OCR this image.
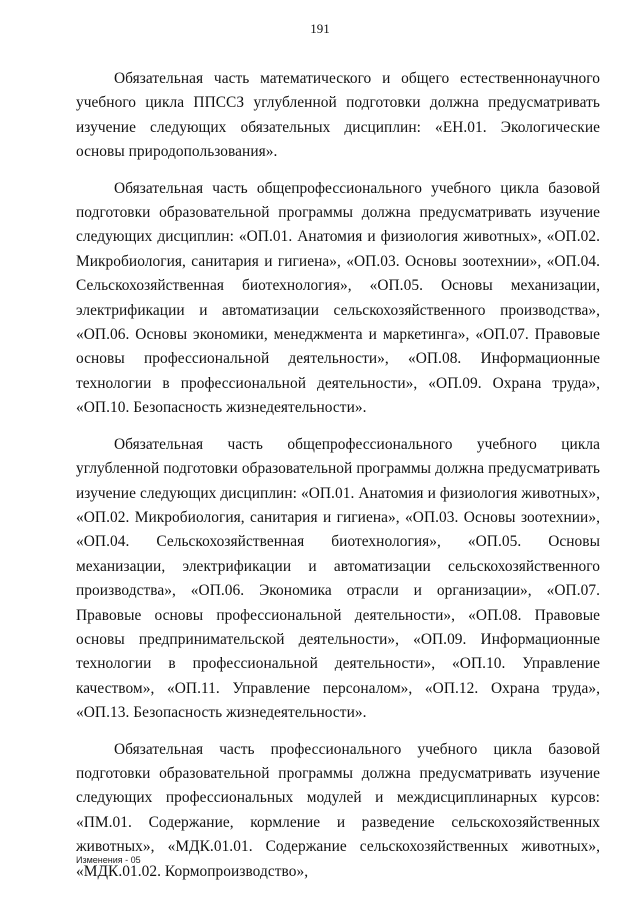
191

Обязательная часть математического и общего естественнонаучного учебного цикла ППССЗ углубленной подготовки должна предусматривать изучение следующих обязательных дисциплин: «ЕН.01. Экологические основы природопользования».

Обязательная часть общепрофессионального учебного цикла базовой подготовки образовательной программы должна предусматривать изучение следующих дисциплин: «ОП.01. Анатомия и физиология животных», «ОП.02. Микробиология, санитария и гигиена», «ОП.03. Основы зоотехнии», «ОП.04. Сельскохозяйственная биотехнология», «ОП.05. Основы механизации, электрификации и автоматизации сельскохозяйственного производства», «ОП.06. Основы экономики, менеджмента и маркетинга», «ОП.07. Правовые основы профессиональной деятельности», «ОП.08. Информационные технологии в профессиональной деятельности», «ОП.09. Охрана труда», «ОП.10. Безопасность жизнедеятельности».

Обязательная часть общепрофессионального учебного цикла углубленной подготовки образовательной программы должна предусматривать изучение следующих дисциплин: «ОП.01. Анатомия и физиология животных», «ОП.02. Микробиология, санитария и гигиена», «ОП.03. Основы зоотехнии», «ОП.04. Сельскохозяйственная биотехнология», «ОП.05. Основы механизации, электрификации и автоматизации сельскохозяйственного производства», «ОП.06. Экономика отрасли и организации», «ОП.07. Правовые основы профессиональной деятельности», «ОП.08. Правовые основы предпринимательской деятельности», «ОП.09. Информационные технологии в профессиональной деятельности», «ОП.10. Управление качеством», «ОП.11. Управление персоналом», «ОП.12. Охрана труда», «ОП.13. Безопасность жизнедеятельности».

Обязательная часть профессионального учебного цикла базовой подготовки образовательной программы должна предусматривать изучение следующих профессиональных модулей и междисциплинарных курсов: «ПМ.01. Содержание, кормление и разведение сельскохозяйственных животных», «МДК.01.01. Содержание сельскохозяйственных животных», «МДК.01.02. Кормопроизводство»,

Изменения - 05
